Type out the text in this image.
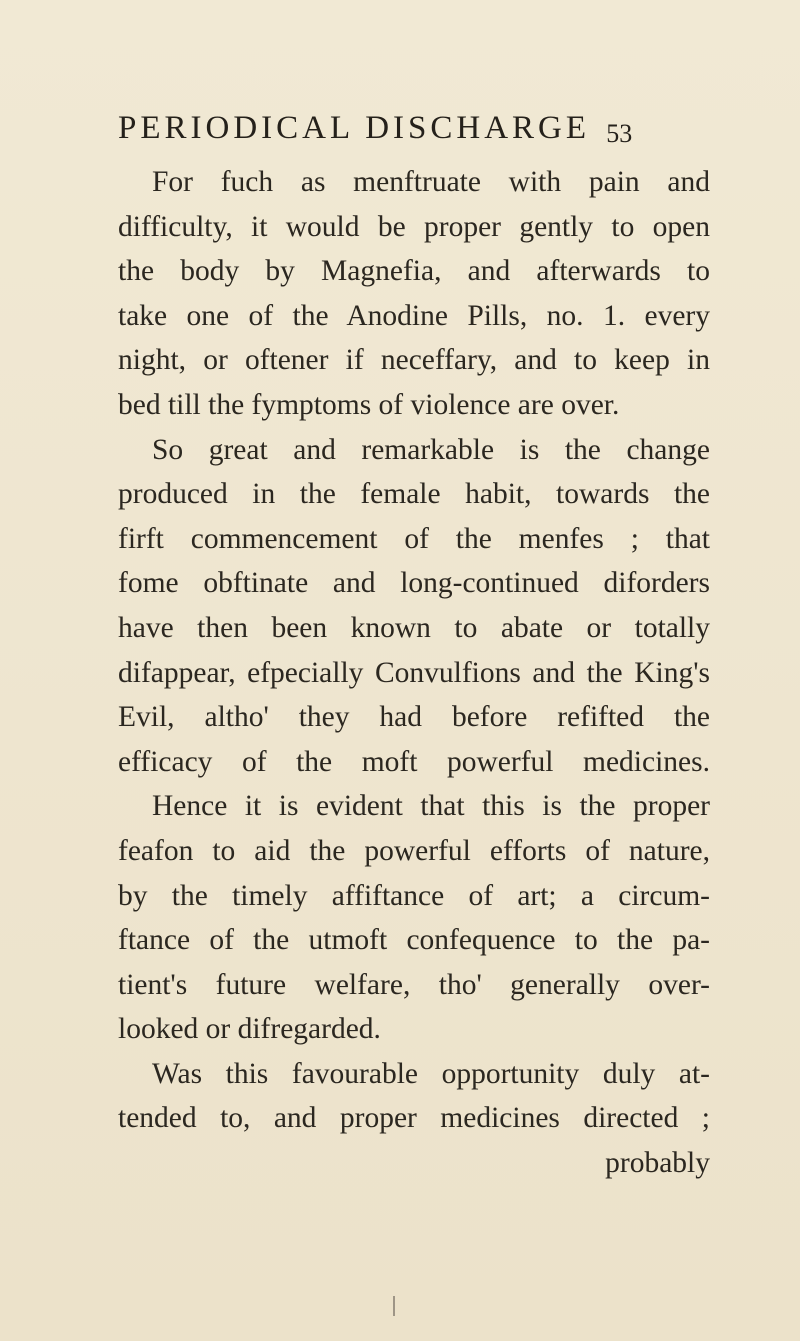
PERIODICAL DISCHARGE 53
For fuch as menftruate with pain and
difficulty, it would be proper gently to open
the body by Magnefia, and afterwards to
take one of the Anodine Pills, no. 1. every
night, or oftener if neceffary, and to keep in
bed till the fymptoms of violence are over.
So great and remarkable is the change
produced in the female habit, towards the
firft commencement of the menfes ; that
fome obftinate and long-continued diforders
have then been known to abate or totally
difappear, efpecially Convulfions and the King's
Evil, altho' they had before refifted the
efficacy of the moft powerful medicines.
Hence it is evident that this is the proper
feafon to aid the powerful efforts of nature,
by the timely affiftance of art; a circum-
ftance of the utmoft confequence to the pa-
tient's future welfare, tho' generally over-
looked or difregarded.
Was this favourable opportunity duly at-
tended to, and proper medicines directed ;
probably
